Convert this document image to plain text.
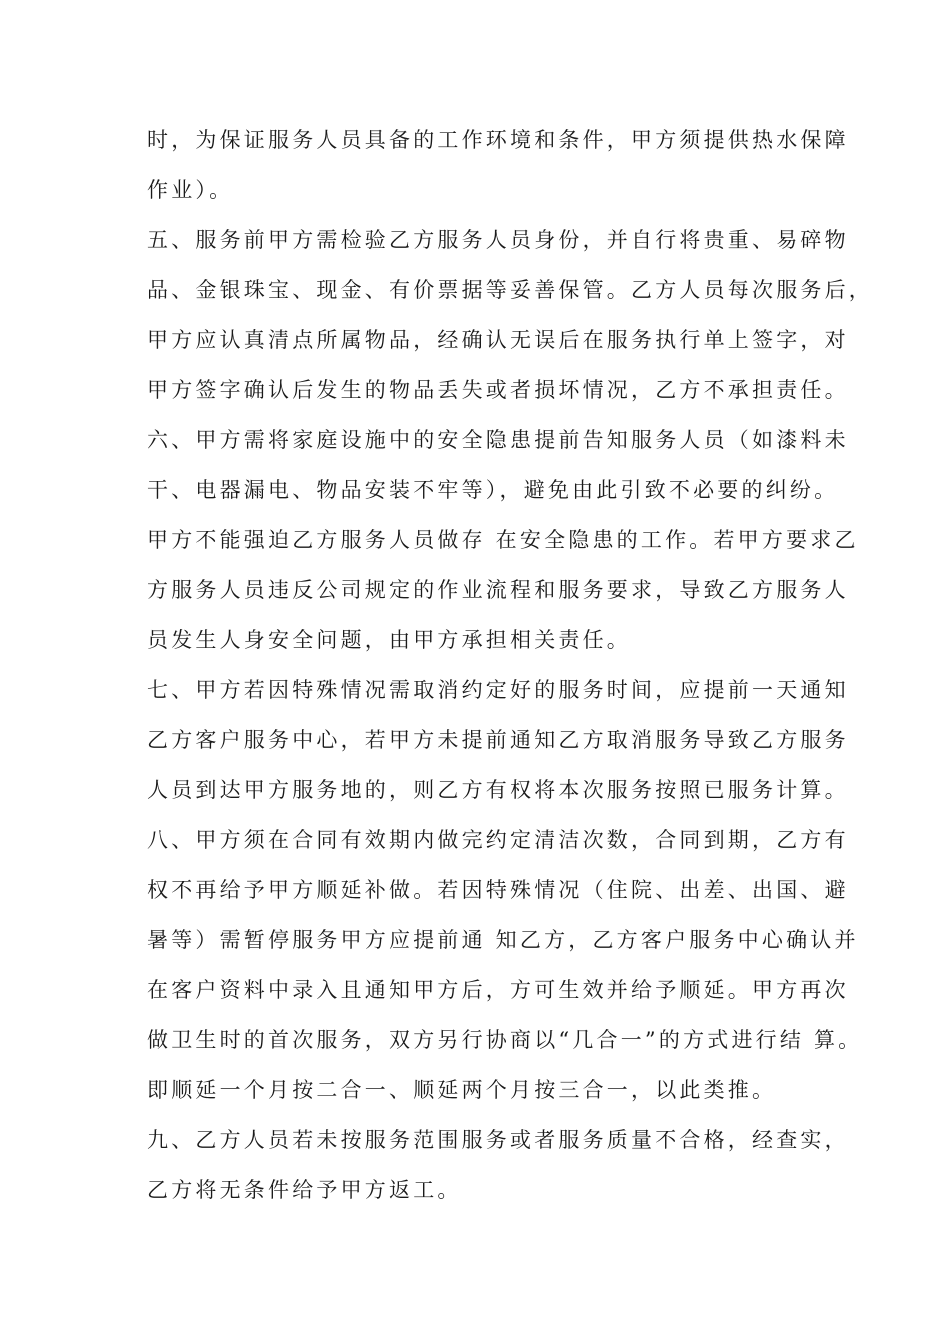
时，为保证服务人员具备的工作环境和条件，甲方须提供热水保障
作业）。
五、服务前甲方需检验乙方服务人员身份，并自行将贵重、易碎物
品、金银珠宝、现金、有价票据等妥善保管。乙方人员每次服务后，
甲方应认真清点所属物品，经确认无误后在服务执行单上签字，对
甲方签字确认后发生的物品丢失或者损坏情况，乙方不承担责任。
六、甲方需将家庭设施中的安全隐患提前告知服务人员（如漆料未
干、电器漏电、物品安装不牢等），避免由此引致不必要的纠纷。
甲方不能强迫乙方服务人员做存 在安全隐患的工作。若甲方要求乙
方服务人员违反公司规定的作业流程和服务要求，导致乙方服务人
员发生人身安全问题，由甲方承担相关责任。
七、甲方若因特殊情况需取消约定好的服务时间，应提前一天通知
乙方客户服务中心，若甲方未提前通知乙方取消服务导致乙方服务
人员到达甲方服务地的，则乙方有权将本次服务按照已服务计算。
八、甲方须在合同有效期内做完约定清洁次数，合同到期，乙方有
权不再给予甲方顺延补做。若因特殊情况（住院、出差、出国、避
暑等）需暂停服务甲方应提前通 知乙方，乙方客户服务中心确认并
在客户资料中录入且通知甲方后，方可生效并给予顺延。甲方再次
做卫生时的首次服务，双方另行协商以“几合一”的方式进行结 算。
即顺延一个月按二合一、顺延两个月按三合一，以此类推。
九、乙方人员若未按服务范围服务或者服务质量不合格，经查实，
乙方将无条件给予甲方返工。
